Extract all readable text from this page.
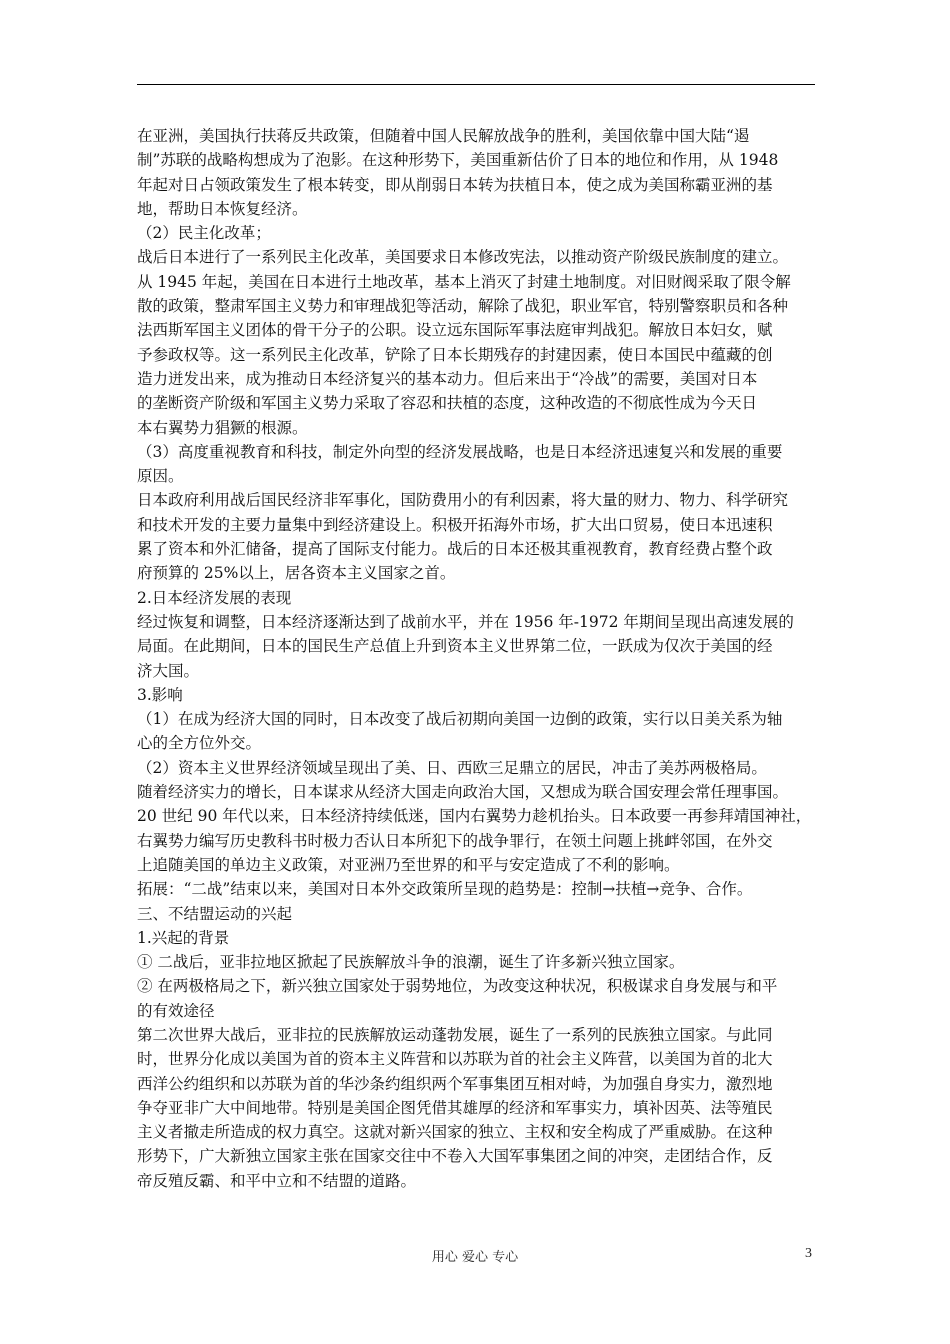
在亚洲，美国执行扶蒋反共政策，但随着中国人民解放战争的胜利，美国依靠中国大陆“遏

制”苏联的战略构想成为了泡影。在这种形势下，美国重新估价了日本的地位和作用，从 1948

年起对日占领政策发生了根本转变，即从削弱日本转为扶植日本，使之成为美国称霸亚洲的基

地，帮助日本恢复经济。

（2）民主化改革；

战后日本进行了一系列民主化改革，美国要求日本修改宪法，以推动资产阶级民族制度的建立。

从 1945 年起，美国在日本进行土地改革，基本上消灭了封建土地制度。对旧财阀采取了限令解

散的政策，整肃军国主义势力和审理战犯等活动，解除了战犯，职业军官，特别警察职员和各种

法西斯军国主义团体的骨干分子的公职。设立远东国际军事法庭审判战犯。解放日本妇女，赋

予参政权等。这一系列民主化改革，铲除了日本长期残存的封建因素，使日本国民中蕴藏的创

造力迸发出来，成为推动日本经济复兴的基本动力。但后来出于“冷战”的需要，美国对日本

的垄断资产阶级和军国主义势力采取了容忍和扶植的态度，这种改造的不彻底性成为今天日

本右翼势力猖獗的根源。

（3）高度重视教育和科技，制定外向型的经济发展战略，也是日本经济迅速复兴和发展的重要

原因。

日本政府利用战后国民经济非军事化，国防费用小的有利因素，将大量的财力、物力、科学研究

和技术开发的主要力量集中到经济建设上。积极开拓海外市场，扩大出口贸易，使日本迅速积

累了资本和外汇储备，提高了国际支付能力。战后的日本还极其重视教育，教育经费占整个政

府预算的 25%以上，居各资本主义国家之首。

2.日本经济发展的表现

经过恢复和调整，日本经济逐渐达到了战前水平，并在 1956 年-1972 年期间呈现出高速发展的

局面。在此期间，日本的国民生产总值上升到资本主义世界第二位，一跃成为仅次于美国的经

济大国。

3.影响

（1）在成为经济大国的同时，日本改变了战后初期向美国一边倒的政策，实行以日美关系为轴

心的全方位外交。

（2）资本主义世界经济领域呈现出了美、日、西欧三足鼎立的居民，冲击了美苏两极格局。

随着经济实力的增长，日本谋求从经济大国走向政治大国，又想成为联合国安理会常任理事国。

20 世纪 90 年代以来，日本经济持续低迷，国内右翼势力趁机抬头。日本政要一再参拜靖国神社，

右翼势力编写历史教科书时极力否认日本所犯下的战争罪行，在领土问题上挑衅邻国，在外交

上追随美国的单边主义政策，对亚洲乃至世界的和平与安定造成了不利的影响。

拓展：“二战”结束以来，美国对日本外交政策所呈现的趋势是：控制→扶植→竞争、合作。

三、不结盟运动的兴起

1.兴起的背景

① 二战后，亚非拉地区掀起了民族解放斗争的浪潮，诞生了许多新兴独立国家。

② 在两极格局之下，新兴独立国家处于弱势地位，为改变这种状况，积极谋求自身发展与和平

的有效途径

第二次世界大战后，亚非拉的民族解放运动蓬勃发展，诞生了一系列的民族独立国家。与此同

时，世界分化成以美国为首的资本主义阵营和以苏联为首的社会主义阵营，以美国为首的北大

西洋公约组织和以苏联为首的华沙条约组织两个军事集团互相对峙，为加强自身实力，激烈地

争夺亚非广大中间地带。特别是美国企图凭借其雄厚的经济和军事实力，填补因英、法等殖民

主义者撤走所造成的权力真空。这就对新兴国家的独立、主权和安全构成了严重威胁。在这种

形势下，广大新独立国家主张在国家交往中不卷入大国军事集团之间的冲突，走团结合作，反

帝反殖反霸、和平中立和不结盟的道路。

用心 爱心 专心	3
